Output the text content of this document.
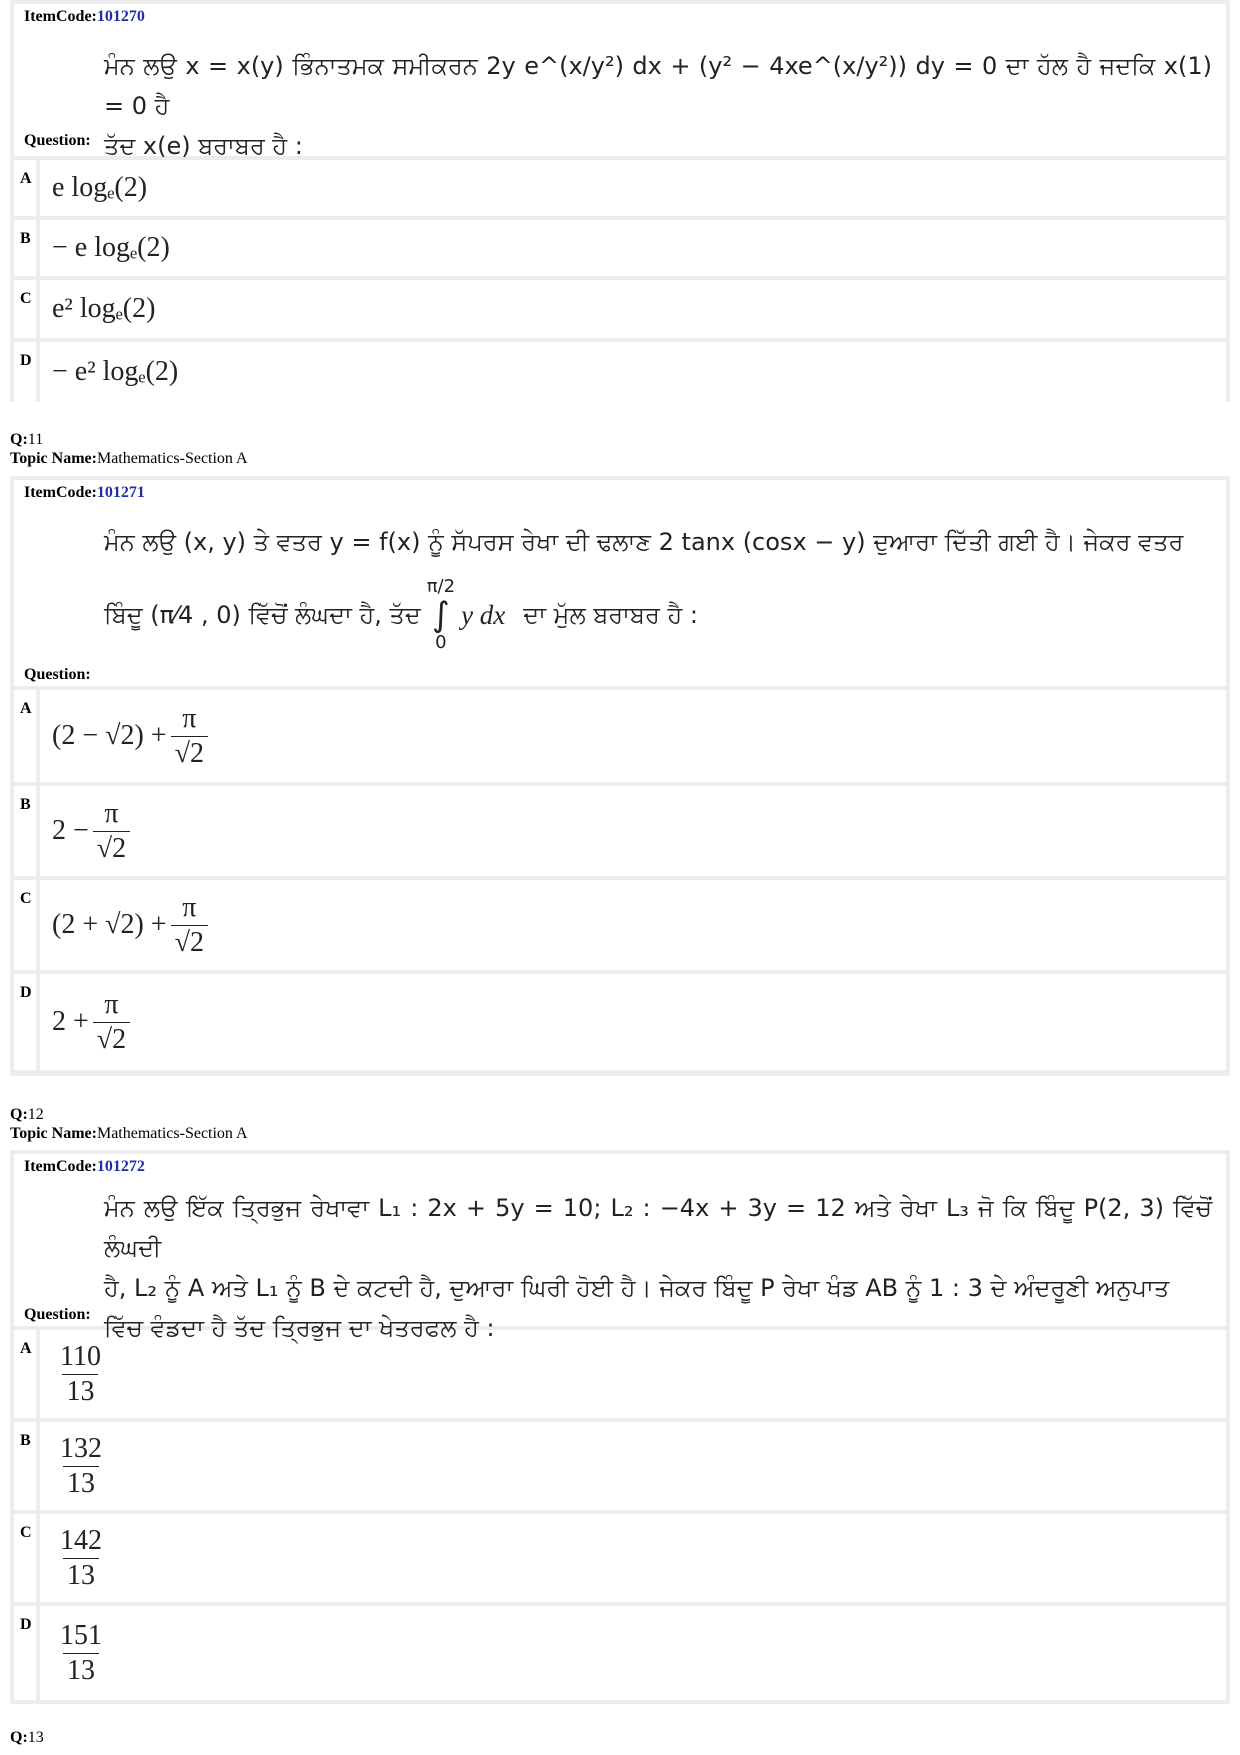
ItemCode:101270
ਮੰਨ ਲਉ x = x(y) ਭਿੰਨਾਤਮਕ ਸਮੀਕਰਨ 2y e^(x/y²) dx + (y² − 4xe^(x/y²)) dy = 0 ਦਾ ਹੱਲ ਹੈ ਜਦਕਿ x(1) = 0 ਹੈ
ਤੱਦ x(e) ਬਰਾਬਰ ਹੈ :
Question:
A e logₑ(2)
B − e logₑ(2)
C e² logₑ(2)
D − e² logₑ(2)
Q:11
Topic Name:Mathematics-Section A
ItemCode:101271
ਮੰਨ ਲਉ (x, y) ਤੇ ਵਤਰ y = f(x) ਨੂੰ ਸੱਪਰਸ ਰੇਖਾ ਦੀ ਢਲਾਣ 2 tanx (cosx − y) ਦੁਆਰਾ ਦਿੱਤੀ ਗਈ ਹੈ। ਜੇਕਰ ਵਤਰ
ਬਿੰਦੂ (π⁄4 , 0) ਵਿੱਚੋਂ ਲੰਘਦਾ ਹੈ, ਤੱਦ
π/2
∫
0
y dx ਦਾ ਮੁੱਲ ਬਰਾਬਰ ਹੈ :
Question:
A
$(2 - √2) + \frac{\pi}{√2}$
B
$2 - \frac{\pi}{√2}$
C
$(2 + √2) + \frac{\pi}{√2}$
D
$2 + \frac{\pi}{√2}$
Q:12
Topic Name:Mathematics-Section A
ItemCode:101272
ਮੰਨ ਲਉ ਇੱਕ ਤ੍ਰਿਭੁਜ ਰੇਖਾਵਾ L₁ : 2x + 5y = 10; L₂ : −4x + 3y = 12 ਅਤੇ ਰੇਖਾ L₃ ਜੋ ਕਿ ਬਿੰਦੂ P(2, 3) ਵਿੱਚੋਂ ਲੰਘਦੀ
ਹੈ, L₂ ਨੂੰ A ਅਤੇ L₁ ਨੂੰ B ਦੇ ਕਟਦੀ ਹੈ, ਦੁਆਰਾ ਘਿਰੀ ਹੋਈ ਹੈ। ਜੇਕਰ ਬਿੰਦੂ P ਰੇਖਾ ਖੰਡ AB ਨੂੰ 1 : 3 ਦੇ ਅੰਦਰੂਣੀ ਅਨੁਪਾਤ
ਵਿੱਚ ਵੰਡਦਾ ਹੈ ਤੱਦ ਤ੍ਰਿਭੁਜ ਦਾ ਖੇਤਰਫਲ ਹੈ :
Question:
A $\frac{110}{13}$
B $\frac{132}{13}$
C $\frac{142}{13}$
D $\frac{151}{13}$
Q:13
